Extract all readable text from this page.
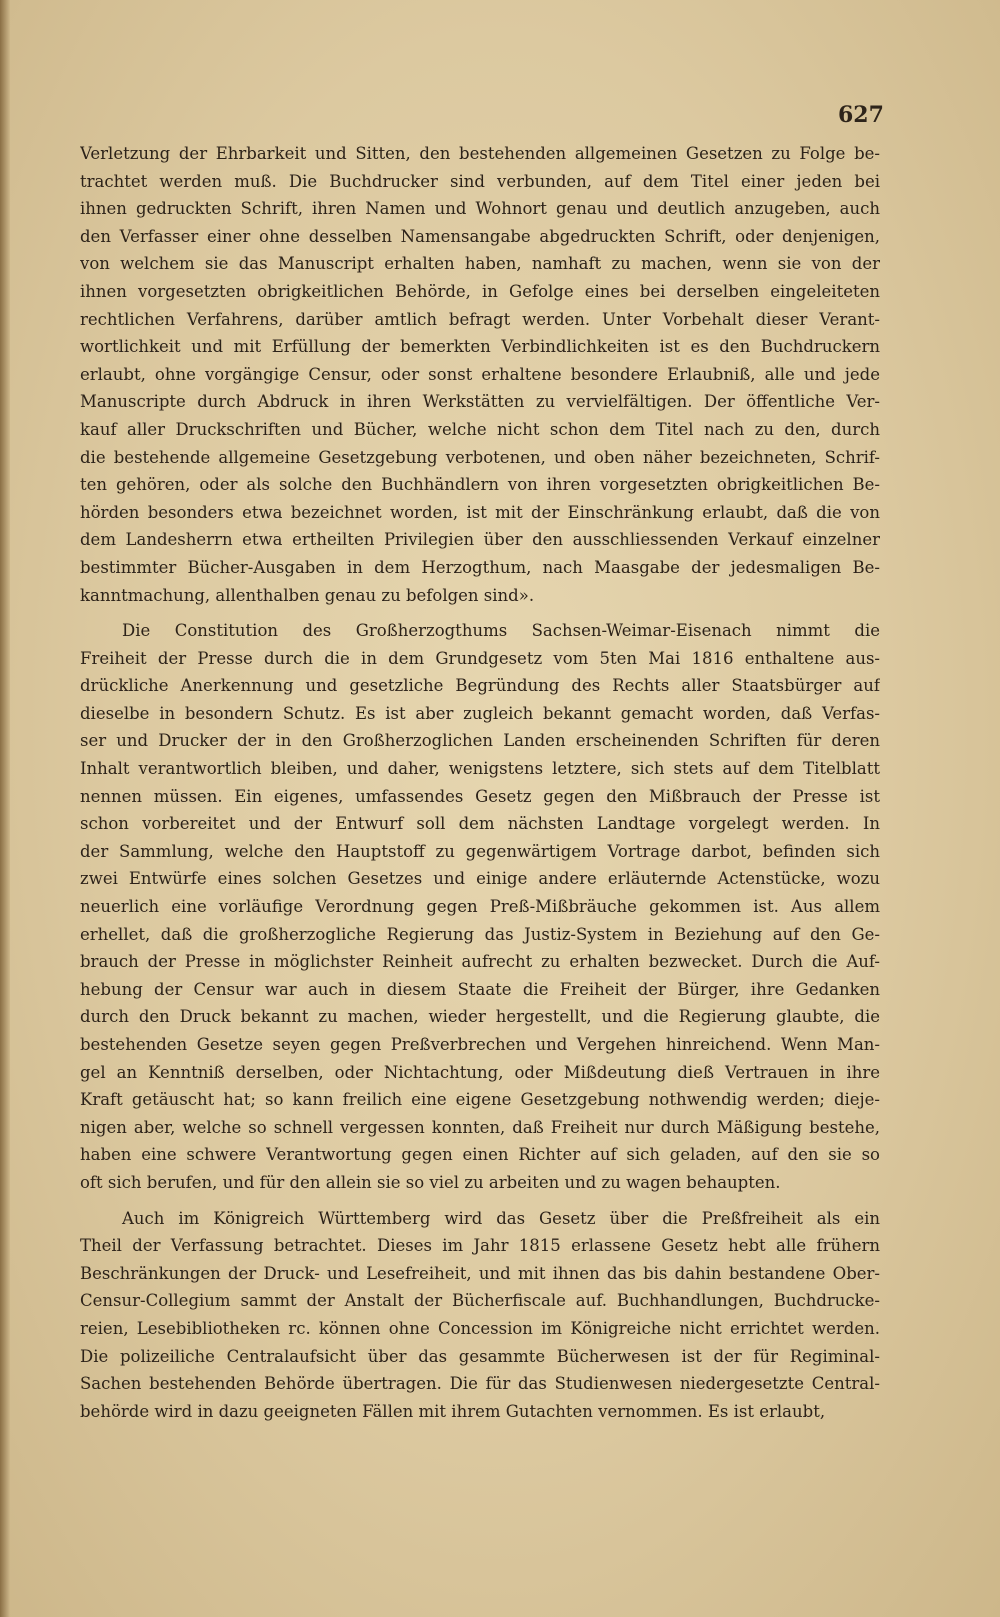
627
Verletzung der Ehrbarkeit und Sitten, den bestehenden allgemeinen Gesetzen zu Folge be-
trachtet werden muß. Die Buchdrucker sind verbunden, auf dem Titel einer jeden bei
ihnen gedruckten Schrift, ihren Namen und Wohnort genau und deutlich anzugeben, auch
den Verfasser einer ohne desselben Namensangabe abgedruckten Schrift, oder denjenigen,
von welchem sie das Manuscript erhalten haben, namhaft zu machen, wenn sie von der
ihnen vorgesetzten obrigkeitlichen Behörde, in Gefolge eines bei derselben eingeleiteten
rechtlichen Verfahrens, darüber amtlich befragt werden. Unter Vorbehalt dieser Verant-
wortlichkeit und mit Erfüllung der bemerkten Verbindlichkeiten ist es den Buchdruckern
erlaubt, ohne vorgängige Censur, oder sonst erhaltene besondere Erlaubniß, alle und jede
Manuscripte durch Abdruck in ihren Werkstätten zu vervielfältigen. Der öffentliche Ver-
kauf aller Druckschriften und Bücher, welche nicht schon dem Titel nach zu den, durch
die bestehende allgemeine Gesetzgebung verbotenen, und oben näher bezeichneten, Schrif-
ten gehören, oder als solche den Buchhändlern von ihren vorgesetzten obrigkeitlichen Be-
hörden besonders etwa bezeichnet worden, ist mit der Einschränkung erlaubt, daß die von
dem Landesherrn etwa ertheilten Privilegien über den ausschliessenden Verkauf einzelner
bestimmter Bücher-Ausgaben in dem Herzogthum, nach Maasgabe der jedesmaligen Be-
kanntmachung, allenthalben genau zu befolgen sind».
Die Constitution des Großherzogthums Sachsen-Weimar-Eisenach nimmt die
Freiheit der Presse durch die in dem Grundgesetz vom 5ten Mai 1816 enthaltene aus-
drückliche Anerkennung und gesetzliche Begründung des Rechts aller Staatsbürger auf
dieselbe in besondern Schutz. Es ist aber zugleich bekannt gemacht worden, daß Verfas-
ser und Drucker der in den Großherzoglichen Landen erscheinenden Schriften für deren
Inhalt verantwortlich bleiben, und daher, wenigstens letztere, sich stets auf dem Titelblatt
nennen müssen. Ein eigenes, umfassendes Gesetz gegen den Mißbrauch der Presse ist
schon vorbereitet und der Entwurf soll dem nächsten Landtage vorgelegt werden. In
der Sammlung, welche den Hauptstoff zu gegenwärtigem Vortrage darbot, befinden sich
zwei Entwürfe eines solchen Gesetzes und einige andere erläuternde Actenstücke, wozu
neuerlich eine vorläufige Verordnung gegen Preß-Mißbräuche gekommen ist. Aus allem
erhellet, daß die großherzogliche Regierung das Justiz-System in Beziehung auf den Ge-
brauch der Presse in möglichster Reinheit aufrecht zu erhalten bezwecket. Durch die Auf-
hebung der Censur war auch in diesem Staate die Freiheit der Bürger, ihre Gedanken
durch den Druck bekannt zu machen, wieder hergestellt, und die Regierung glaubte, die
bestehenden Gesetze seyen gegen Preßverbrechen und Vergehen hinreichend. Wenn Man-
gel an Kenntniß derselben, oder Nichtachtung, oder Mißdeutung dieß Vertrauen in ihre
Kraft getäuscht hat; so kann freilich eine eigene Gesetzgebung nothwendig werden; dieje-
nigen aber, welche so schnell vergessen konnten, daß Freiheit nur durch Mäßigung bestehe,
haben eine schwere Verantwortung gegen einen Richter auf sich geladen, auf den sie so
oft sich berufen, und für den allein sie so viel zu arbeiten und zu wagen behaupten.
Auch im Königreich Württemberg wird das Gesetz über die Preßfreiheit als ein
Theil der Verfassung betrachtet. Dieses im Jahr 1815 erlassene Gesetz hebt alle frühern
Beschränkungen der Druck- und Lesefreiheit, und mit ihnen das bis dahin bestandene Ober-
Censur-Collegium sammt der Anstalt der Bücherfiscale auf. Buchhandlungen, Buchdrucke-
reien, Lesebibliotheken rc. können ohne Concession im Königreiche nicht errichtet werden.
Die polizeiliche Centralaufsicht über das gesammte Bücherwesen ist der für Regiminal-
Sachen bestehenden Behörde übertragen. Die für das Studienwesen niedergesetzte Central-
behörde wird in dazu geeigneten Fällen mit ihrem Gutachten vernommen. Es ist erlaubt,
